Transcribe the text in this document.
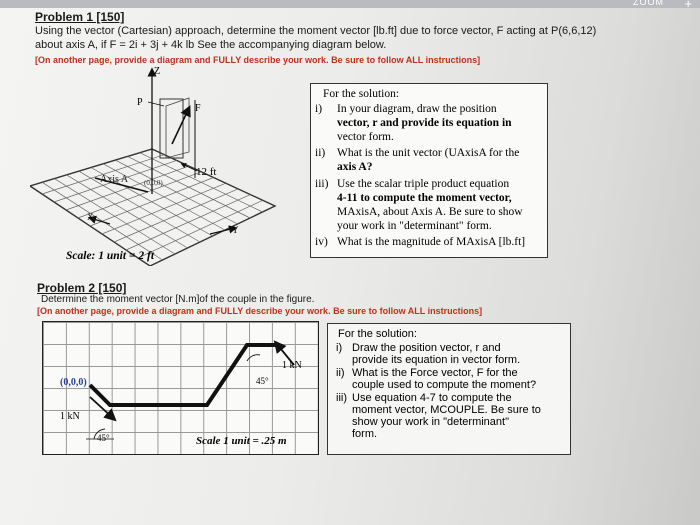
ZOOM +
Problem 1 [150]
Using the vector (Cartesian) approach, determine the moment vector [lb.ft] due to force vector, F acting at P(6,6,12)
about axis A, if F = 2i + 3j + 4k lb See the accompanying diagram below.
[On another page, provide a diagram and FULLY describe your work. Be sure to follow ALL instructions]
Z
P
F
12 ft
Axis A (0,0,0)
X
Y
Scale: 1 unit = 2 ft
For the solution:
i) In your diagram, draw the position
vector, r and provide its equation in
vector form.
ii) What is the unit vector (UAxisA for the
axis A?
iii) Use the scalar triple product equation
4-11 to compute the moment vector,
MAxisA, about Axis A. Be sure to show
your work in "determinant" form.
iv) What is the magnitude of MAxisA [lb.ft]
Problem 2 [150]
Determine the moment vector [N.m]of the couple in the figure.
[On another page, provide a diagram and FULLY describe your work. Be sure to follow ALL instructions]
(0,0,0)
1 kN
1 kN
45°
45°	Scale 1 unit = .25 m
For the solution:
i) Draw the position vector, r and
provide its equation in vector form.
ii) What is the Force vector, F for the
couple used to compute the moment?
iii) Use equation 4-7 to compute the
moment vector, MCOUPLE. Be sure to
show your work in "determinant"
form.
